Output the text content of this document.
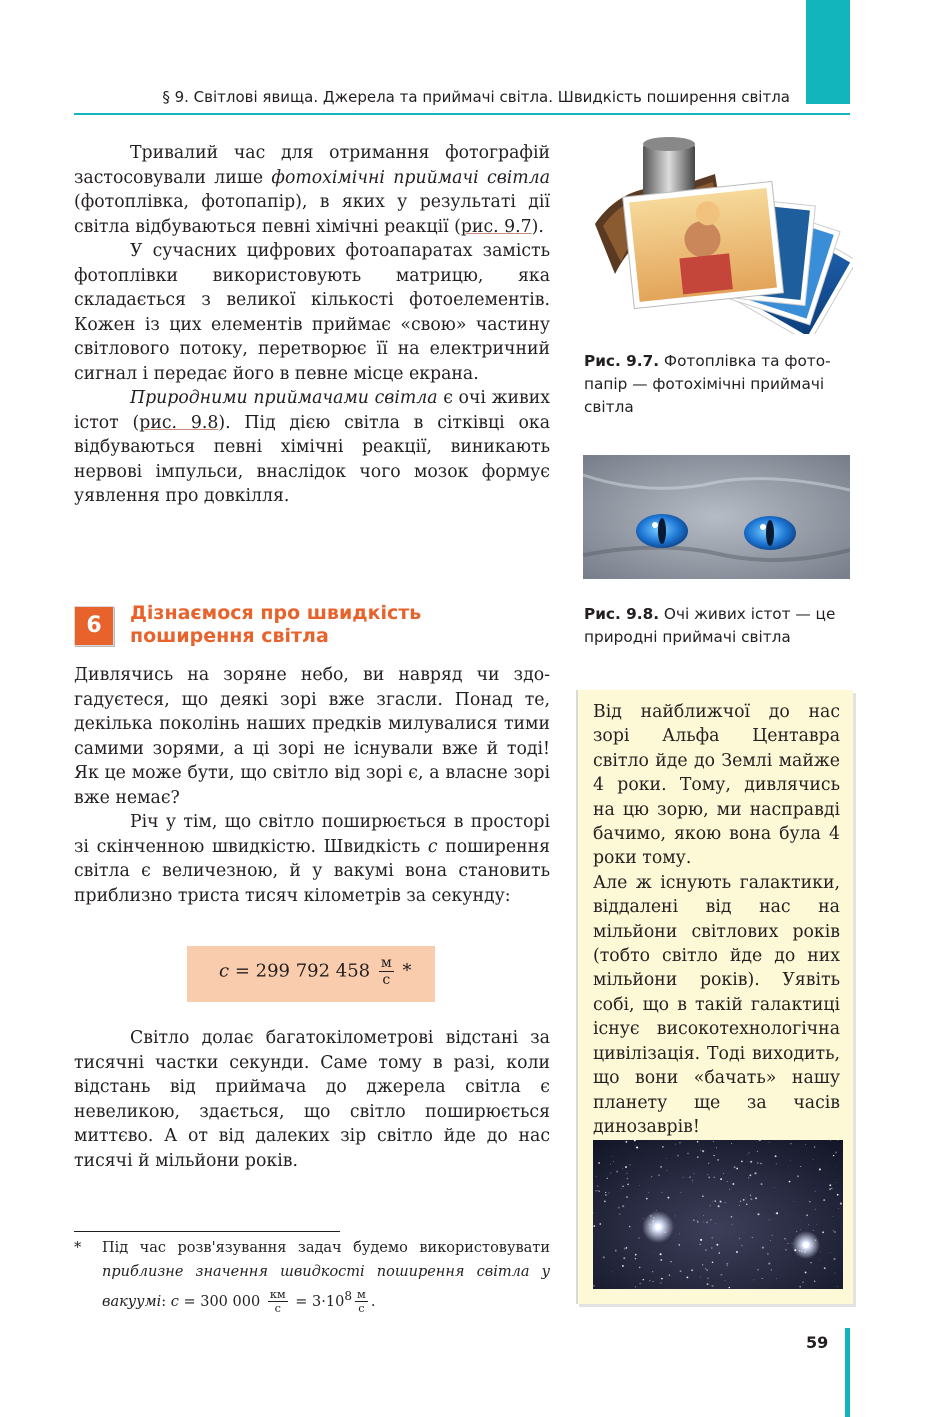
§ 9. Світлові явища. Джерела та приймачі світла. Швидкість поширення світла

Тривалий час для отримання фотографій застосовували лише фотохімічні приймачі світла (фотоплівка, фотопапір), в яких у результаті дії світла відбуваються певні хімічні реакції (рис. 9.7).

У сучасних цифрових фотоапаратах замість фотоплівки використовують матрицю, яка складається з великої кількості фотоелементів. Кожен із цих елементів приймає «свою» частину світлового потоку, перетворює її на електричний сигнал і передає його в певне місце екрана.

Природними приймачами світла є очі живих істот (рис. 9.8). Під дією світла в сітківці ока відбуваються певні хімічні реакції, виникають нервові імпульси, внаслідок чого мозок формує уявлення про довкілля.

6	Дізнаємося про швидкість поширення світла

Дивлячись на зоряне небо, ви навряд чи здогадуєтеся, що деякі зорі вже згасли. Понад те, декілька поколінь наших предків милувалися тими самими зорями, а ці зорі не існували вже й тоді! Як це може бути, що світло від зорі є, а власне зорі вже немає?

Річ у тім, що світло поширюється в просторі зі скінченною швидкістю. Швидкість c поширення світла є величезною, й у вакумі вона становить приблизно триста тисяч кілометрів за секунду:

c = 299 792 $458 \frac{м}{с}$ *

Світло долає багатокілометрові відстані за тисячні частки секунди. Саме тому в разі, коли відстань від приймача до джерела світла є невеликою, здається, що світло поширюється миттєво. А от від далеких зір світло йде до нас тисячі й мільйони років.

*	Під час розв'язування задач будемо використовувати приблизне значення швидкості поширення світла у вакуумі: c = 300 $000 \frac{км}{с} = 3\cdot 10^8 \frac{м}{с}$ .
Рис. 9.7. Фотоплівка та фотопапір — фотохімічні приймачі світла
Рис. 9.8. Очі живих істот — це природні приймачі світла

Від найближчої до нас зорі Альфа Центавра світло йде до Землі майже 4 роки. Тому, дивлячись на цю зорю, ми насправді бачимо, якою вона була 4 роки тому.

Але ж існують галактики, віддалені від нас на мільйони світлових років (тобто світло йде до них мільйони років). Уявіть собі, що в такій галактиці існує високотехнологічна цивілізація. Тоді виходить, що вони «бачать» нашу планету ще за часів динозаврів!

59
